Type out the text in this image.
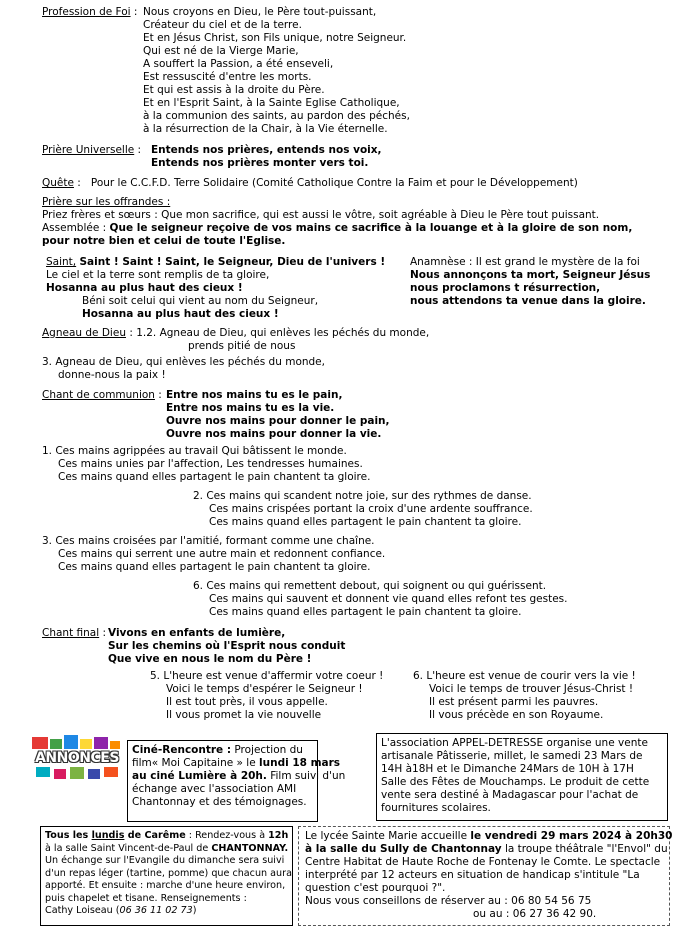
Profession de Foi : Nous croyons en Dieu, le Père tout-puissant,
Créateur du ciel et de la terre.
Et en Jésus Christ, son Fils unique, notre Seigneur.
Qui est né de la Vierge Marie,
A souffert la Passion, a été enseveli,
Est ressuscité d'entre les morts.
Et qui est assis à la droite du Père.
Et en l'Esprit Saint, à la Sainte Eglise Catholique,
à la communion des saints, au pardon des péchés,
à la résurrection de la Chair, à la Vie éternelle.
Prière Universelle : Entends nos prières, entends nos voix,
Entends nos prières monter vers toi.
Quête :   Pour le C.C.F.D. Terre Solidaire (Comité Catholique Contre la Faim et pour le Développement)
Prière sur les offrandes :
Priez frères et sœurs : Que mon sacrifice, qui est aussi le vôtre, soit agréable à Dieu le Père tout puissant.
Assemblée : Que le seigneur reçoive de vos mains ce sacrifice à la louange et à la gloire de son nom,
pour notre bien et celui de toute l'Eglise.
Saint, Saint ! Saint ! Saint, le Seigneur, Dieu de l'univers !
Le ciel et la terre sont remplis de ta gloire,
Hosanna au plus haut des cieux !
Béni soit celui qui vient au nom du Seigneur,
Hosanna au plus haut des cieux !
Anamnèse : Il est grand le mystère de la foi
Nous annonçons ta mort, Seigneur Jésus
nous proclamons t résurrection,
nous attendons ta venue dans la gloire.
Agneau de Dieu : 1.2. Agneau de Dieu, qui enlèves les péchés du monde,
prends pitié de nous
3. Agneau de Dieu, qui enlèves les péchés du monde,
donne-nous la paix !
Chant de communion : Entre nos mains tu es le pain,
Entre nos mains tu es la vie.
Ouvre nos mains pour donner le pain,
Ouvre nos mains pour donner la vie.
1. Ces mains agrippées au travail Qui bâtissent le monde.
Ces mains unies par l'affection, Les tendresses humaines.
Ces mains quand elles partagent le pain chantent ta gloire.
2. Ces mains qui scandent notre joie, sur des rythmes de danse.
Ces mains crispées portant la croix d'une ardente souffrance.
Ces mains quand elles partagent le pain chantent ta gloire.
3. Ces mains croisées par l'amitié, formant comme une chaîne.
Ces mains qui serrent une autre main et redonnent confiance.
Ces mains quand elles partagent le pain chantent ta gloire.
6. Ces mains qui remettent debout, qui soignent ou qui guérissent.
Ces mains qui sauvent et donnent vie quand elles refont tes gestes.
Ces mains quand elles partagent le pain chantent ta gloire.
Chant final : Vivons en enfants de lumière,
Sur les chemins où l'Esprit nous conduit
Que vive en nous le nom du Père !
5. L'heure est venue d'affermir votre coeur !
Voici le temps d'espérer le Seigneur !
Il est tout près, il vous appelle.
Il vous promet la vie nouvelle
6. L'heure est venue de courir vers la vie !
Voici le temps de trouver Jésus-Christ !
Il est présent parmi les pauvres.
Il vous précède en son Royaume.
ANNONCES	Ciné-Rencontre : Projection du
film« Moi Capitaine » le lundi 18 mars
au ciné Lumière à 20h. Film suivi d'un
échange avec l'association AMI
Chantonnay et des témoignages.
L'association APPEL-DETRESSE organise une vente
artisanale Pâtisserie, millet, le samedi 23 Mars de
14H à18H et le Dimanche 24Mars de 10H à 17H
Salle des Fêtes de Mouchamps. Le produit de cette
vente sera destiné à Madagascar pour l'achat de
fournitures scolaires.
Tous les lundis de Carême : Rendez-vous à 12h
à la salle Saint Vincent-de-Paul de CHANTONNAY.
Un échange sur l'Evangile du dimanche sera suivi
d'un repas léger (tartine, pomme) que chacun aura
apporté. Et ensuite : marche d'une heure environ,
puis chapelet et tisane. Renseignements :
Cathy Loiseau (06 36 11 02 73)
Le lycée Sainte Marie accueille le vendredi 29 mars 2024 à 20h30
à la salle du Sully de Chantonnay la troupe théâtrale "l'Envol" du
Centre Habitat de Haute Roche de Fontenay le Comte. Le spectacle
interprété par 12 acteurs en situation de handicap s'intitule "La
question c'est pourquoi ?".
Nous vous conseillons de réserver au : 06 80 54 56 75
ou au : 06 27 36 42 90.
